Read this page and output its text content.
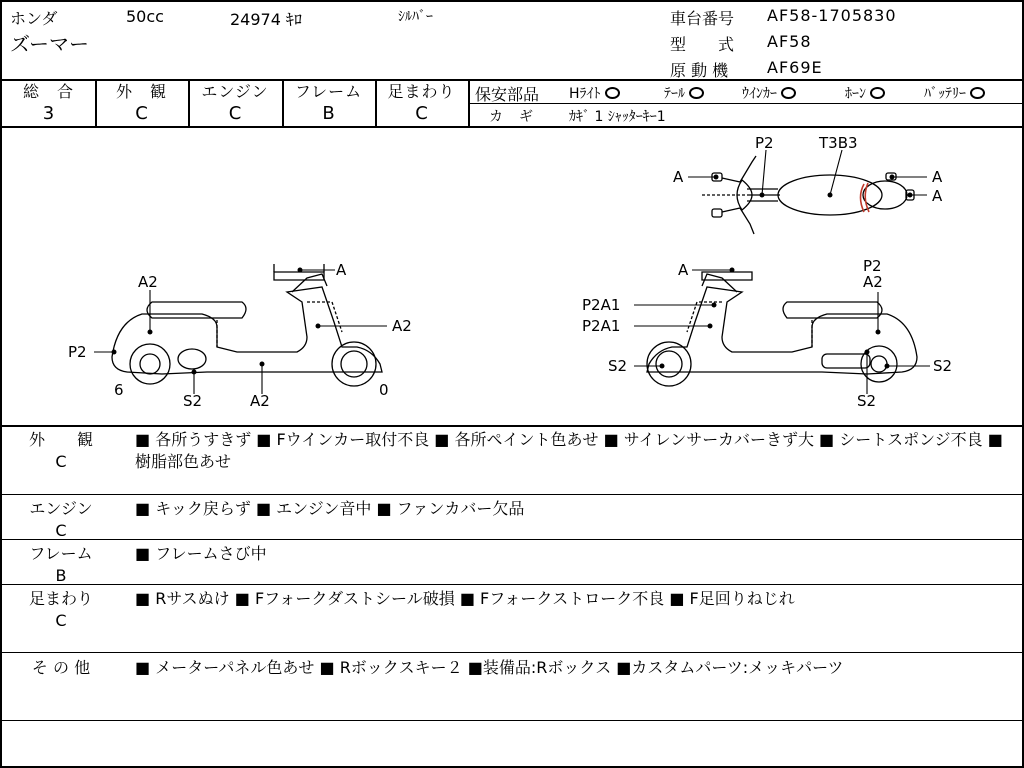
ホンダ	50cc	24974 ｷﾛ	ｼﾙﾊﾞｰ
ズーマー
車台番号 AF58-1705830
型　　式 AF58
原 動 機 AF69E
総　合
3
外　観
C
エンジン
C
フレーム
B
足まわり
C
保安部品 Hﾗｲﾄ	ﾃｰﾙ	ｳｲﾝｶｰ	ﾎｰﾝ	ﾊﾞｯﾃﾘｰ
カ　ギ	ｶｷﾞ 1 ｼｬｯﾀｰｷｰ1
外　　観
C
■ 各所うすきず ■ Fウインカー取付不良 ■ 各所ペイント色あせ ■ サイレンサーカバーきず大 ■ シートスポンジ不良 ■ 樹脂部色あせ
エンジン
C
■ キック戻らず ■ エンジン音中 ■ ファンカバー欠品
フレーム
B
■ フレームさび中
足まわり
C
■ Rサスぬけ ■ Fフォークダストシール破損 ■ Fフォークストローク不良 ■ F足回りねじれ
そ の 他	■ メーターパネル色あせ ■ Rボックスキー２ ■装備品:Rボックス ■カスタムパーツ:メッキパーツ
P2	T3B3
A	A
A
A
A2
A2
P2
6
S2	A2
0
A	P2
A2
P2A1
P2A1
S2	S2
S2
